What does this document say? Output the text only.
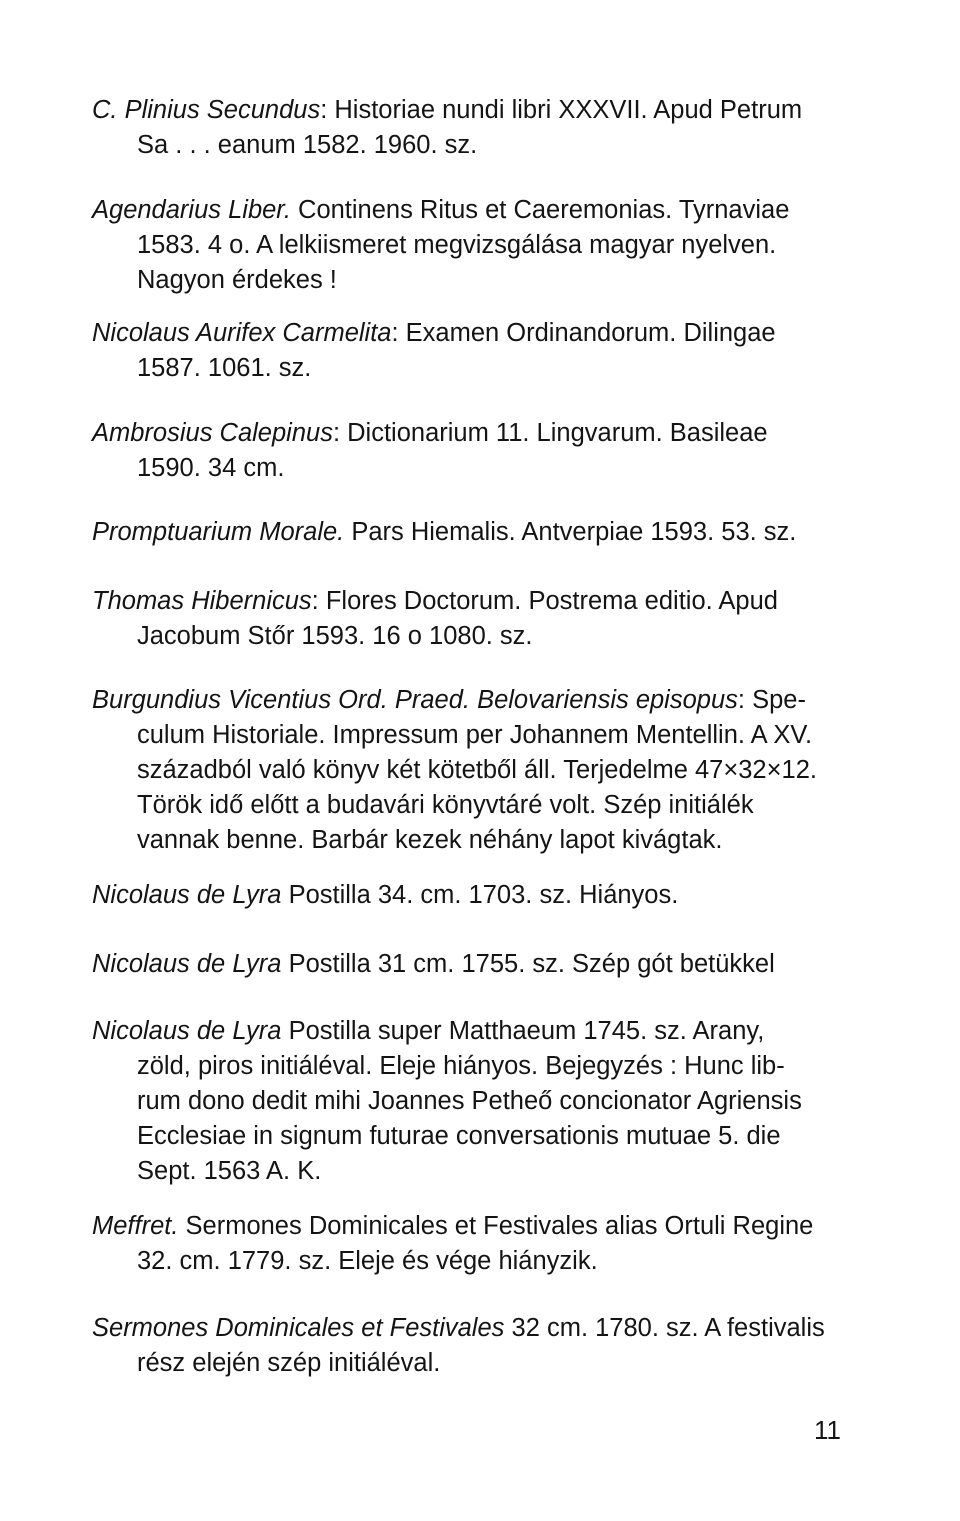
C. Plinius Secundus: Historiae nundi libri XXXVII. Apud Petrum
Sa . . . eanum 1582. 1960. sz.
Agendarius Liber. Continens Ritus et Caeremonias. Tyrnaviae
1583. 4 o. A lelkiismeret megvizsgálása magyar nyelven.
Nagyon érdekes !
Nicolaus Aurifex Carmelita: Examen Ordinandorum. Dilingae
1587. 1061. sz.
Ambrosius Calepinus: Dictionarium 11. Lingvarum. Basileae
1590. 34 cm.
Promptuarium Morale. Pars Hiemalis. Antverpiae 1593. 53. sz.
Thomas Hibernicus: Flores Doctorum. Postrema editio. Apud
Jacobum Stőr 1593. 16 o 1080. sz.
Burgundius Vicentius Ord. Praed. Belovariensis episopus: Spe-
culum Historiale. Impressum per Johannem Mentellin. A XV.
századból való könyv két kötetből áll. Terjedelme 47×32×12.
Török idő előtt a budavári könyvtáré volt. Szép initiálék
vannak benne. Barbár kezek néhány lapot kivágtak.
Nicolaus de Lyra Postilla 34. cm. 1703. sz. Hiányos.
Nicolaus de Lyra Postilla 31 cm. 1755. sz. Szép gót betükkel
Nicolaus de Lyra Postilla super Matthaeum 1745. sz. Arany,
zöld, piros initiáléval. Eleje hiányos. Bejegyzés : Hunc lib-
rum dono dedit mihi Joannes Petheő concionator Agriensis
Ecclesiae in signum futurae conversationis mutuae 5. die
Sept. 1563 A. K.
Meffret. Sermones Dominicales et Festivales alias Ortuli Regine
32. cm. 1779. sz. Eleje és vége hiányzik.
Sermones Dominicales et Festivales 32 cm. 1780. sz. A festivalis
rész elején szép initiáléval.
11
